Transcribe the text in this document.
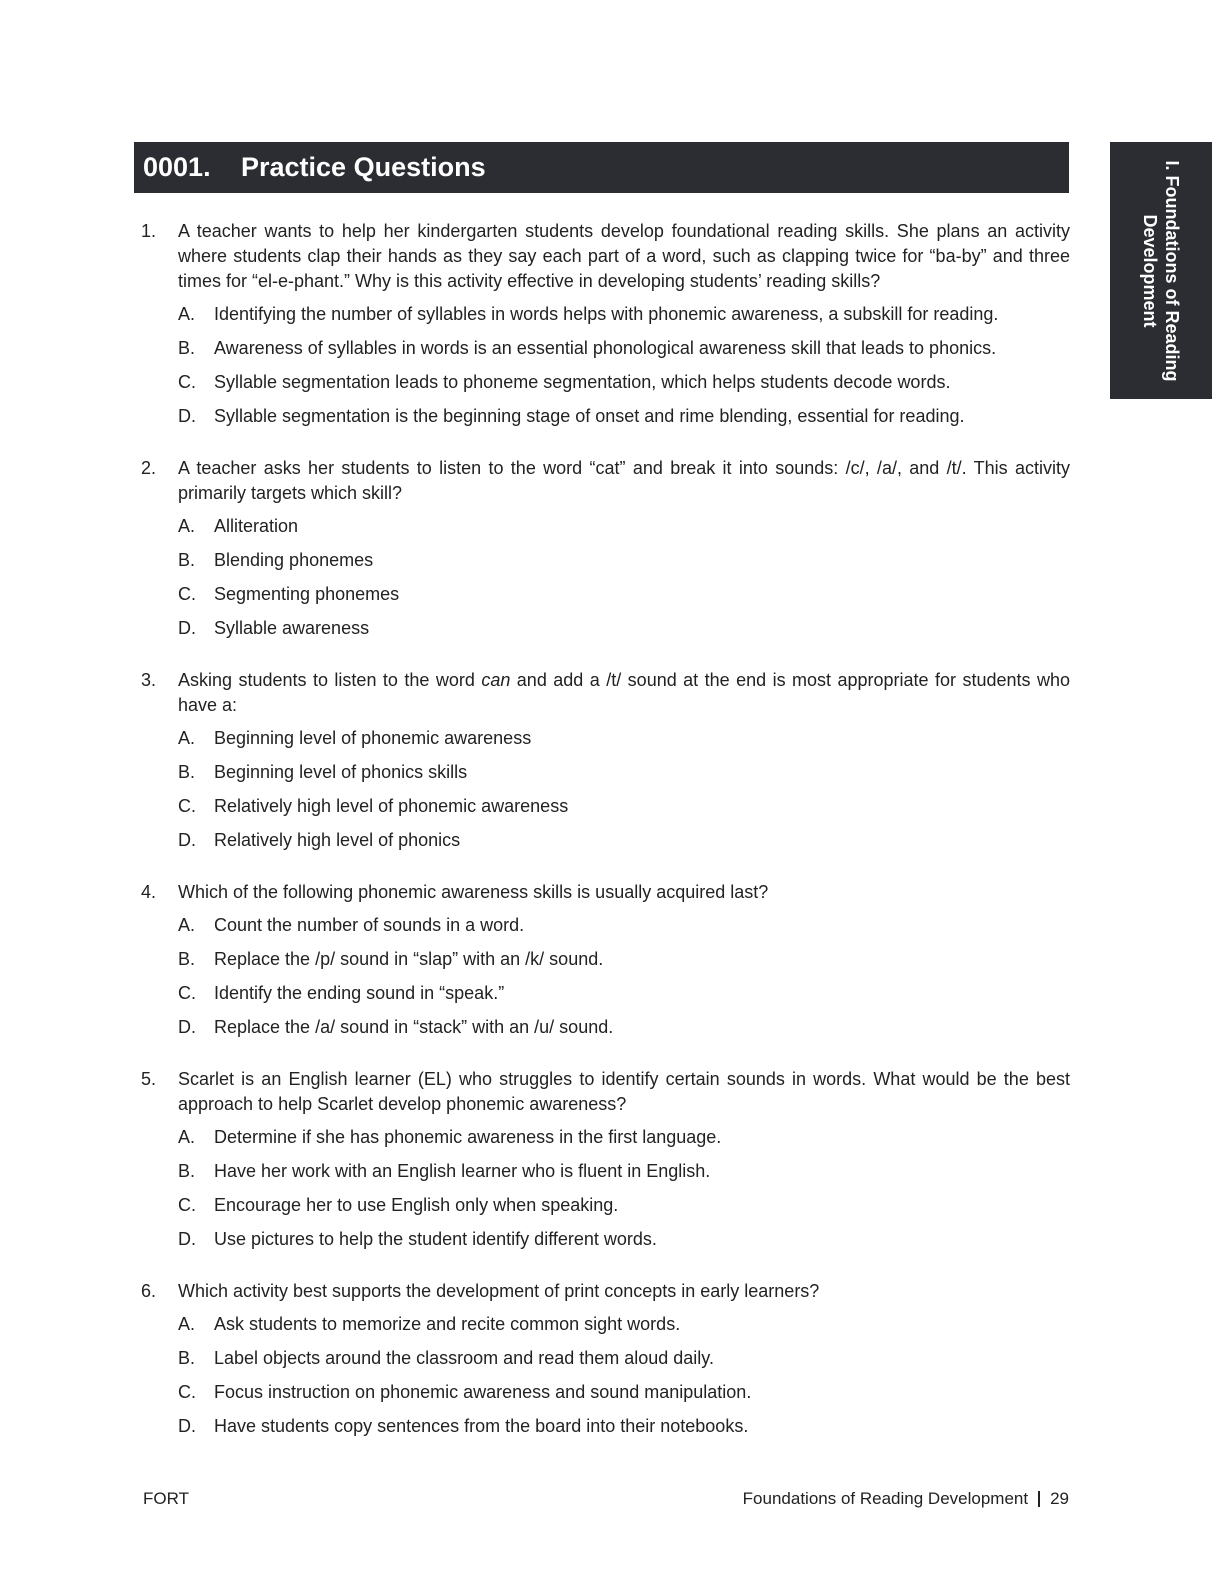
0001.	Practice Questions	I. Foundations of Reading Development
1.	A teacher wants to help her kindergarten students develop foundational reading skills. She plans an activity where students clap their hands as they say each part of a word, such as clapping twice for “ba-by” and three times for “el-e-phant.” Why is this activity effective in developing students’ reading skills?
A.	Identifying the number of syllables in words helps with phonemic awareness, a subskill for reading.
B.	Awareness of syllables in words is an essential phonological awareness skill that leads to phonics.
C.	Syllable segmentation leads to phoneme segmentation, which helps students decode words.
D.	Syllable segmentation is the beginning stage of onset and rime blending, essential for reading.
2.	A teacher asks her students to listen to the word “cat” and break it into sounds: /c/, /a/, and /t/. This activity primarily targets which skill?
A.	Alliteration
B.	Blending phonemes
C.	Segmenting phonemes
D.	Syllable awareness
3.	Asking students to listen to the word can and add a /t/ sound at the end is most appropriate for students who have a:
A.	Beginning level of phonemic awareness
B.	Beginning level of phonics skills
C.	Relatively high level of phonemic awareness
D.	Relatively high level of phonics
4.	Which of the following phonemic awareness skills is usually acquired last?
A.	Count the number of sounds in a word.
B.	Replace the /p/ sound in “slap” with an /k/ sound.
C.	Identify the ending sound in “speak.”
D.	Replace the /a/ sound in “stack” with an /u/ sound.
5.	Scarlet is an English learner (EL) who struggles to identify certain sounds in words. What would be the best approach to help Scarlet develop phonemic awareness?
A.	Determine if she has phonemic awareness in the first language.
B.	Have her work with an English learner who is fluent in English.
C.	Encourage her to use English only when speaking.
D.	Use pictures to help the student identify different words.
6.	Which activity best supports the development of print concepts in early learners?
A.	Ask students to memorize and recite common sight words.
B.	Label objects around the classroom and read them aloud daily.
C.	Focus instruction on phonemic awareness and sound manipulation.
D.	Have students copy sentences from the board into their notebooks.
FORT	Foundations of Reading Development 29
